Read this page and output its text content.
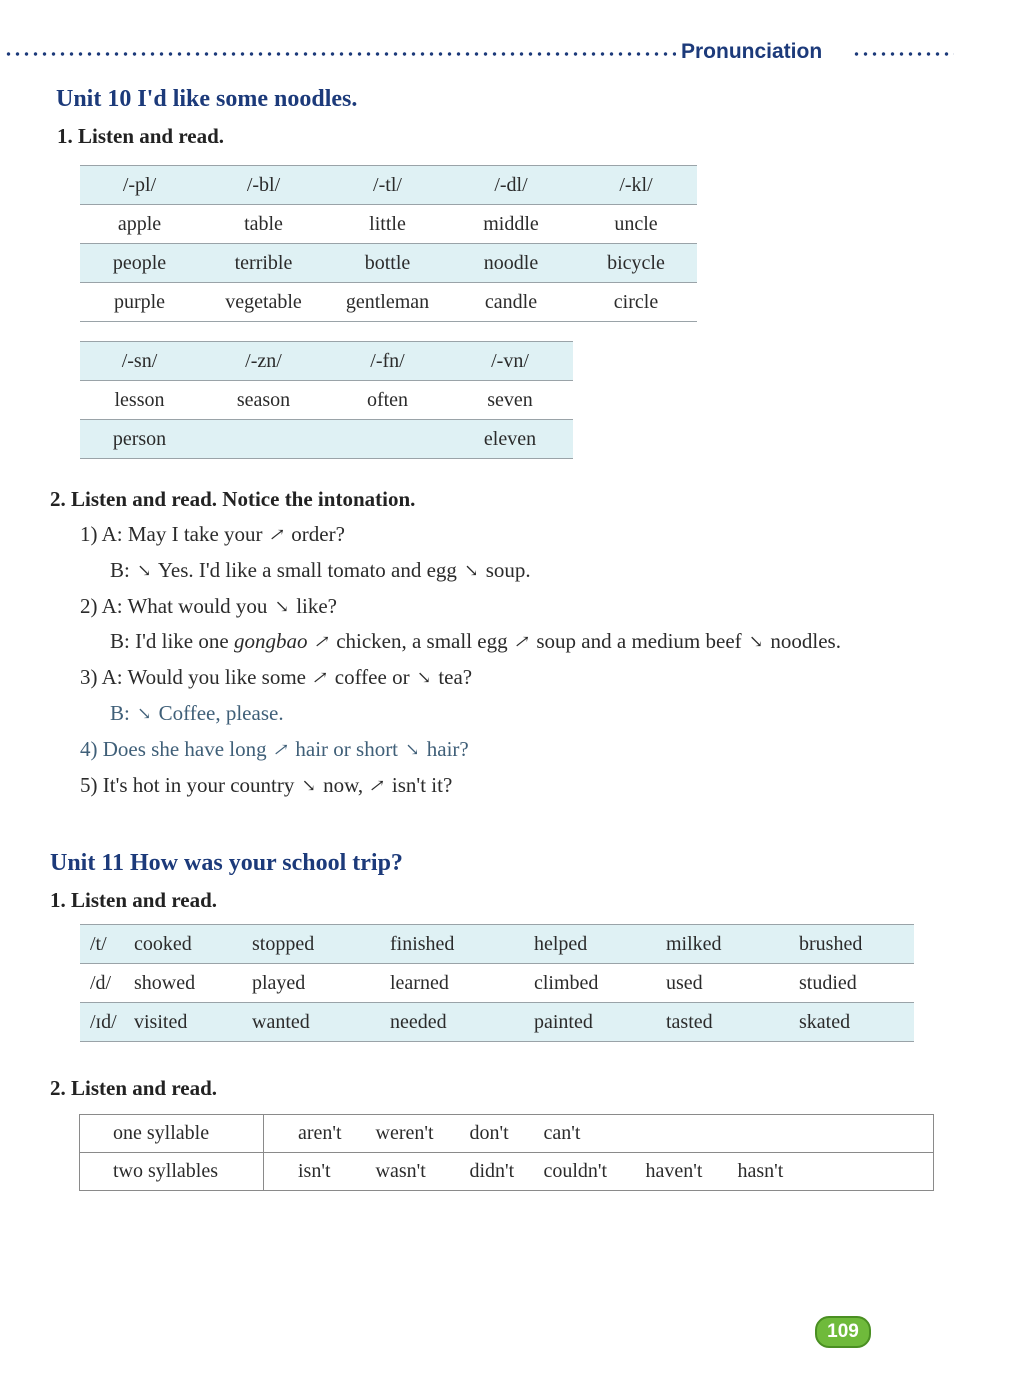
Pronunciation
Unit 10 I'd like some noodles.
1. Listen and read.
/-pl/	/-bl/	/-tl/	/-dl/	/-kl/
apple	table	little	middle	uncle
people	terrible	bottle	noodle	bicycle
purple	vegetable	gentleman	candle	circle
/-sn/	/-zn/	/-fn/	/-vn/
lesson	season	often	seven
person			eleven
2. Listen and read. Notice the intonation.
1) A: May I take your ↗ order?
B: ↘ Yes. I'd like a small tomato and egg ↘ soup.
2) A: What would you ↘ like?
B: I'd like one gongbao ↗ chicken, a small egg ↗ soup and a medium beef ↘ noodles.
3) A: Would you like some ↗ coffee or ↘ tea?
B: ↘ Coffee, please.
4) Does she have long ↗ hair or short ↘ hair?
5) It's hot in your country ↘ now, ↗ isn't it?
Unit 11 How was your school trip?
1. Listen and read.
/t/	cooked	stopped	finished	helped	milked	brushed
/d/	showed	played	learned	climbed	used	studied
/ɪd/	visited	wanted	needed	painted	tasted	skated
2. Listen and read.
one syllable	aren't	weren't	don't	can't		
two syllables	isn't	wasn't	didn't	couldn't	haven't	hasn't
109
